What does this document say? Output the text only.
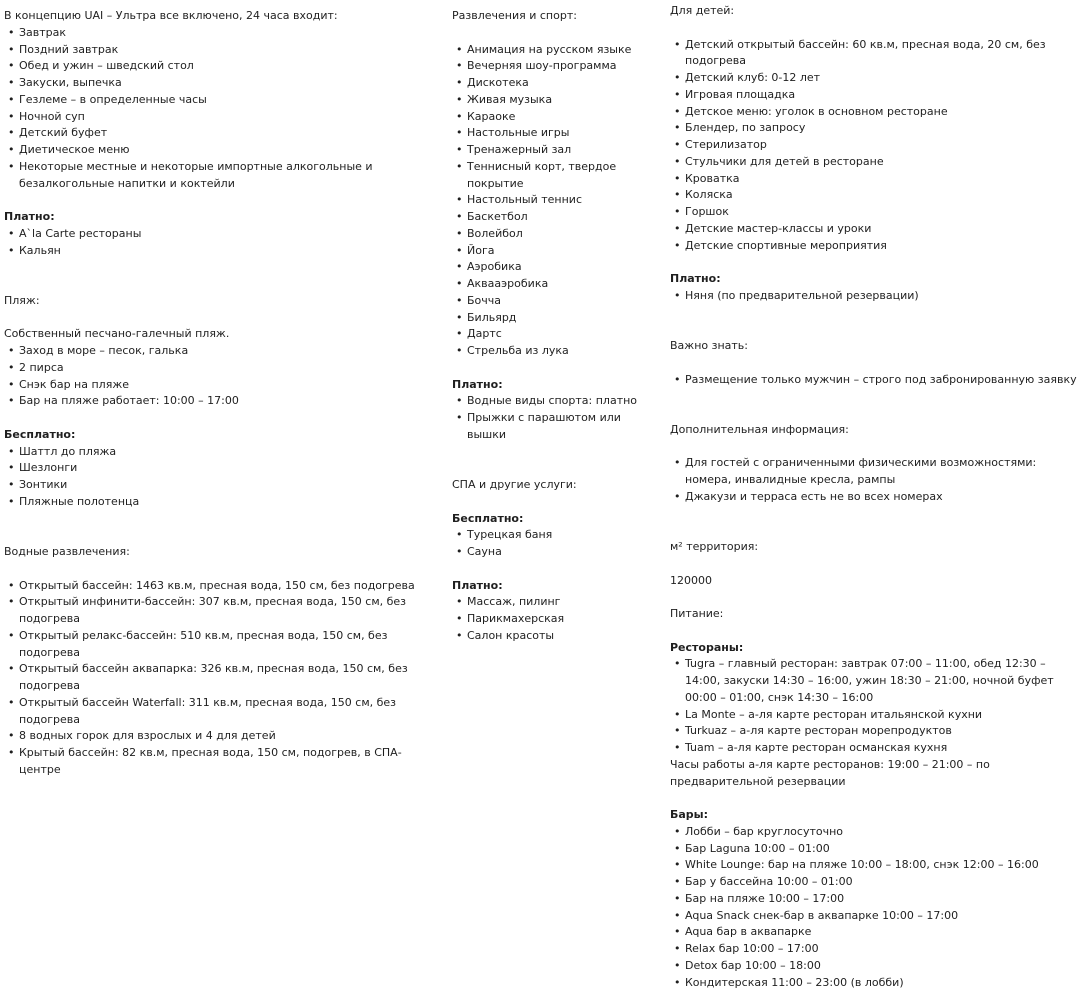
В концепцию UAI – Ультра все включено, 24 часа входит:

• Завтрак
• Поздний завтрак
• Обед и ужин – шведский стол
• Закуски, выпечка
• Гезлеме – в определенные часы
• Ночной суп
• Детский буфет
• Диетическое меню
• Некоторые местные и некоторые импортные алкогольные и безалкогольные напитки и коктейли

Платно:

• A`la Carte рестораны
• Кальян

Пляж:

Собственный песчано-галечный пляж.

• Заход в море – песок, галька
• 2 пирса
• Снэк бар на пляже
• Бар на пляже работает: 10:00 – 17:00

Бесплатно:

• Шаттл до пляжа
• Шезлонги
• Зонтики
• Пляжные полотенца

Водные развлечения:

• Открытый бассейн: 1463 кв.м, пресная вода, 150 см, без подогрева
• Открытый инфинити-бассейн: 307 кв.м, пресная вода, 150 см, без подогрева
• Открытый релакс-бассейн: 510 кв.м, пресная вода, 150 см, без подогрева
• Открытый бассейн аквапарка: 326 кв.м, пресная вода, 150 см, без подогрева
• Открытый бассейн Waterfall: 311 кв.м, пресная вода, 150 см, без подогрева
• 8 водных горок для взрослых и 4 для детей
• Крытый бассейн: 82 кв.м, пресная вода, 150 см, подогрев, в СПА-центре

Развлечения и спорт:

• Анимация на русском языке
• Вечерняя шоу-программа
• Дискотека
• Живая музыка
• Караоке
• Настольные игры
• Тренажерный зал
• Теннисный корт, твердое покрытие
• Настольный теннис
• Баскетбол
• Волейбол
• Йога
• Аэробика
• Аквааэробика
• Бочча
• Бильярд
• Дартс
• Стрельба из лука

Платно:

• Водные виды спорта: платно
• Прыжки с парашютом или вышки

СПА и другие услуги:

Бесплатно:

• Турецкая баня
• Сауна

Платно:

• Массаж, пилинг
• Парикмахерская
• Салон красоты

Для детей:

• Детский открытый бассейн: 60 кв.м, пресная вода, 20 см, без подогрева
• Детский клуб: 0-12 лет
• Игровая площадка
• Детское меню: уголок в основном ресторане
• Блендер, по запросу
• Стерилизатор
• Стульчики для детей в ресторане
• Кроватка
• Коляска
• Горшок
• Детские мастер-классы и уроки
• Детские спортивные мероприятия

Платно:

• Няня (по предварительной резервации)

Важно знать:

• Размещение только мужчин – строго под забронированную заявку

Дополнительная информация:

• Для гостей с ограниченными физическими возможностями: номера, инвалидные кресла, рампы
• Джакузи и терраса есть не во всех номерах

м² территория:

120000

Питание:

Рестораны:

• Tugra – главный ресторан: завтрак 07:00 – 11:00, обед 12:30 – 14:00, закуски 14:30 – 16:00, ужин 18:30 – 21:00, ночной буфет 00:00 – 01:00, снэк 14:30 – 16:00
• La Monte – а-ля карте ресторан итальянской кухни
• Turkuaz – а-ля карте ресторан морепродуктов
• Tuam – а-ля карте ресторан османская кухня

Часы работы а-ля карте ресторанов: 19:00 – 21:00 – по предварительной резервации

Бары:

• Лобби – бар круглосуточно
• Бар Laguna 10:00 – 01:00
• White Lounge: бар на пляже 10:00 – 18:00, снэк 12:00 – 16:00
• Бар у бассейна 10:00 – 01:00
• Бар на пляже 10:00 – 17:00
• Aqua Snack снек-бар в аквапарке 10:00 – 17:00
• Aqua бар в аквапарке
• Relax бар 10:00 – 17:00
• Detox бар 10:00 – 18:00
• Кондитерская 11:00 – 23:00 (в лобби)
